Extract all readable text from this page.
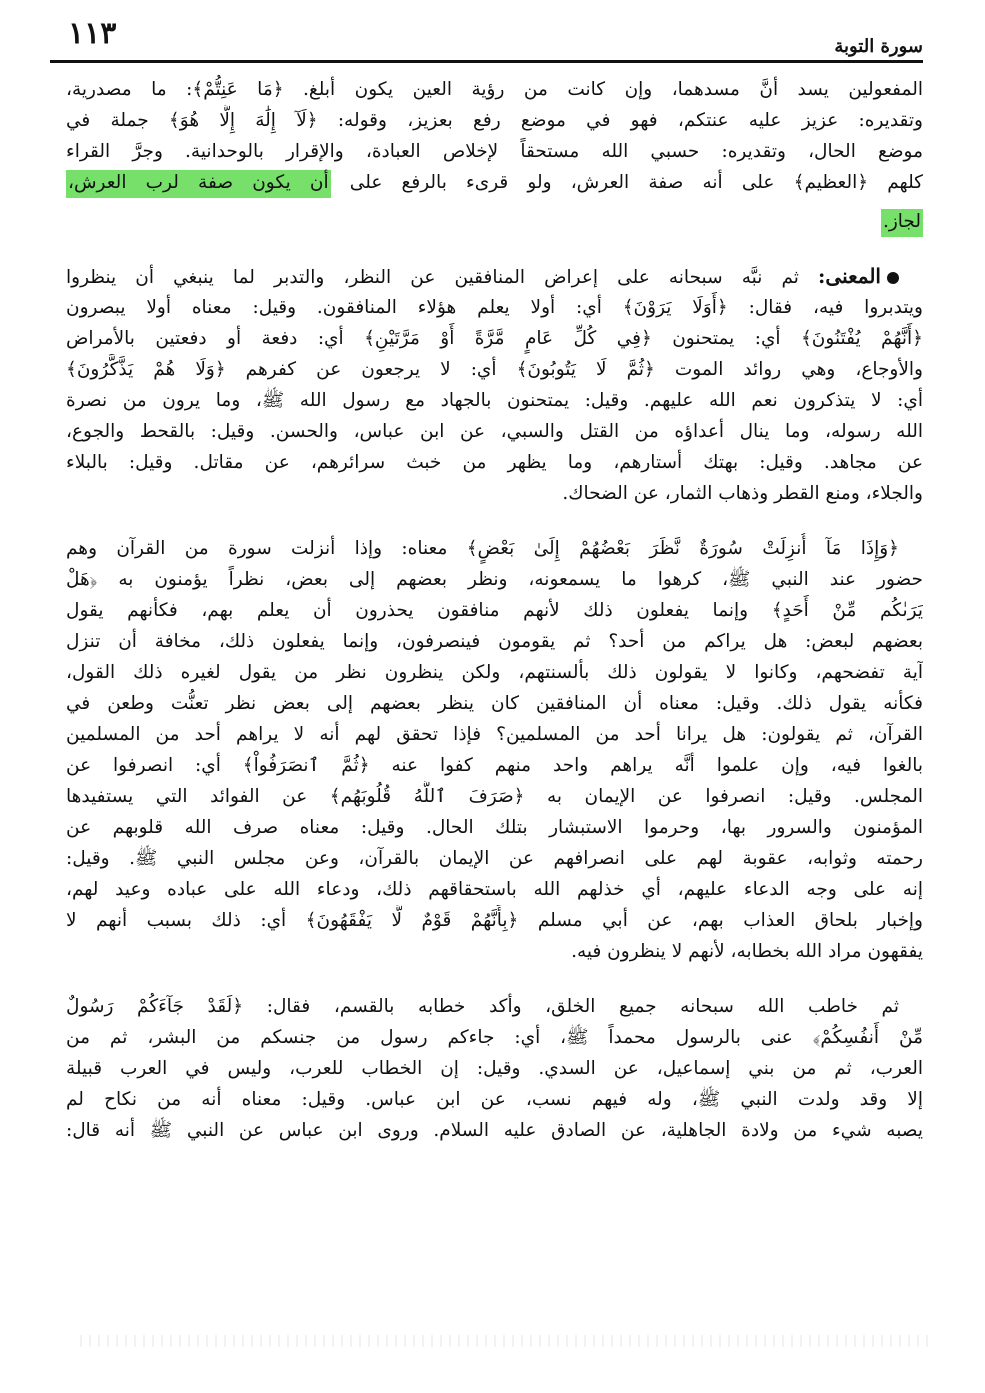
سورة التوبة
١١٣
المفعولين يسد أنَّ مسدهما، وإن كانت من رؤية العين يكون أبلغ. ﴿مَا عَنِتُّمْ﴾: ما مصدرية،
وتقديره: عزيز عليه عنتكم، فهو في موضع رفع بعزيز، وقوله: ﴿لَآ إِلَٰهَ إِلَّا هُوَ﴾ جملة في
موضع الحال، وتقديره: حسبي الله مستحقاً لإخلاص العبادة، والإقرار بالوحدانية. وجرَّ القراء
كلهم ﴿العظيم﴾ على أنه صفة العرش، ولو قرىء بالرفع على أن يكون صفة لرب العرش،
لجاز.
المعنى: ثم نبَّه سبحانه على إعراض المنافقين عن النظر، والتدبر لما ينبغي أن ينظروا
ويتدبروا فيه، فقال: ﴿أَوَلَا يَرَوْنَ﴾ أي: أولا يعلم هؤلاء المنافقون. وقيل: معناه أولا يبصرون
﴿أَنَّهُمْ يُفْتَنُونَ﴾ أي: يمتحنون ﴿فِي كُلِّ عَامٍ مَّرَّةً أَوْ مَرَّتَيْنِ﴾ أي: دفعة أو دفعتين بالأمراض
والأوجاع، وهي روائد الموت ﴿ثُمَّ لَا يَتُوبُونَ﴾ أي: لا يرجعون عن كفرهم ﴿وَلَا هُمْ يَذَّكَّرُونَ﴾
أي: لا يتذكرون نعم الله عليهم. وقيل: يمتحنون بالجهاد مع رسول الله ﷺ، وما يرون من نصرة
الله رسوله، وما ينال أعداؤه من القتل والسبي، عن ابن عباس، والحسن. وقيل: بالقحط والجوع،
عن مجاهد. وقيل: بهتك أستارهم، وما يظهر من خبث سرائرهم، عن مقاتل. وقيل: بالبلاء
والجلاء، ومنع القطر وذهاب الثمار، عن الضحاك.
﴿وَإِذَا مَآ أُنزِلَتْ سُورَةٌ نَّظَرَ بَعْضُهُمْ إِلَىٰ بَعْضٍ﴾ معناه: وإذا أنزلت سورة من القرآن وهم
حضور عند النبي ﷺ، كرهوا ما يسمعونه، ونظر بعضهم إلى بعض، نظراً يؤمنون به ﴿هَلْ
يَرَىٰكُم مِّنْ أَحَدٍ﴾ وإنما يفعلون ذلك لأنهم منافقون يحذرون أن يعلم بهم، فكأنهم يقول
بعضهم لبعض: هل يراكم من أحد؟ ثم يقومون فينصرفون، وإنما يفعلون ذلك، مخافة أن تنزل
آية تفضحهم، وكانوا لا يقولون ذلك بألسنتهم، ولكن ينظرون نظر من يقول لغيره ذلك القول،
فكأنه يقول ذلك. وقيل: معناه أن المنافقين كان ينظر بعضهم إلى بعض نظر تعنُّت وطعن في
القرآن، ثم يقولون: هل يرانا أحد من المسلمين؟ فإذا تحقق لهم أنه لا يراهم أحد من المسلمين
بالغوا فيه، وإن علموا أنَّه يراهم واحد منهم كفوا عنه ﴿ثُمَّ ٱنصَرَفُواْ﴾ أي: انصرفوا عن
المجلس. وقيل: انصرفوا عن الإيمان به ﴿صَرَفَ ٱللَّهُ قُلُوبَهُم﴾ عن الفوائد التي يستفيدها
المؤمنون والسرور بها، وحرموا الاستبشار بتلك الحال. وقيل: معناه صرف الله قلوبهم عن
رحمته وثوابه، عقوبة لهم على انصرافهم عن الإيمان بالقرآن، وعن مجلس النبي ﷺ. وقيل:
إنه على وجه الدعاء عليهم، أي خذلهم الله باستحقاقهم ذلك، ودعاء الله على عباده وعيد لهم،
وإخبار بلحاق العذاب بهم، عن أبي مسلم ﴿بِأَنَّهُمْ قَوْمٌ لَّا يَفْقَهُونَ﴾ أي: ذلك بسبب أنهم لا
يفقهون مراد الله بخطابه، لأنهم لا ينظرون فيه.
ثم خاطب الله سبحانه جميع الخلق، وأكد خطابه بالقسم، فقال: ﴿لَقَدْ جَآءَكُمْ رَسُولٌ
مِّنْ أَنفُسِكُمْ﴾ عنى بالرسول محمداً ﷺ، أي: جاءكم رسول من جنسكم من البشر، ثم من
العرب، ثم من بني إسماعيل، عن السدي. وقيل: إن الخطاب للعرب، وليس في العرب قبيلة
إلا وقد ولدت النبي ﷺ، وله فيهم نسب، عن ابن عباس. وقيل: معناه أنه من نكاح لم
يصبه شيء من ولادة الجاهلية، عن الصادق عليه السلام. وروى ابن عباس عن النبي ﷺ أنه قال:
